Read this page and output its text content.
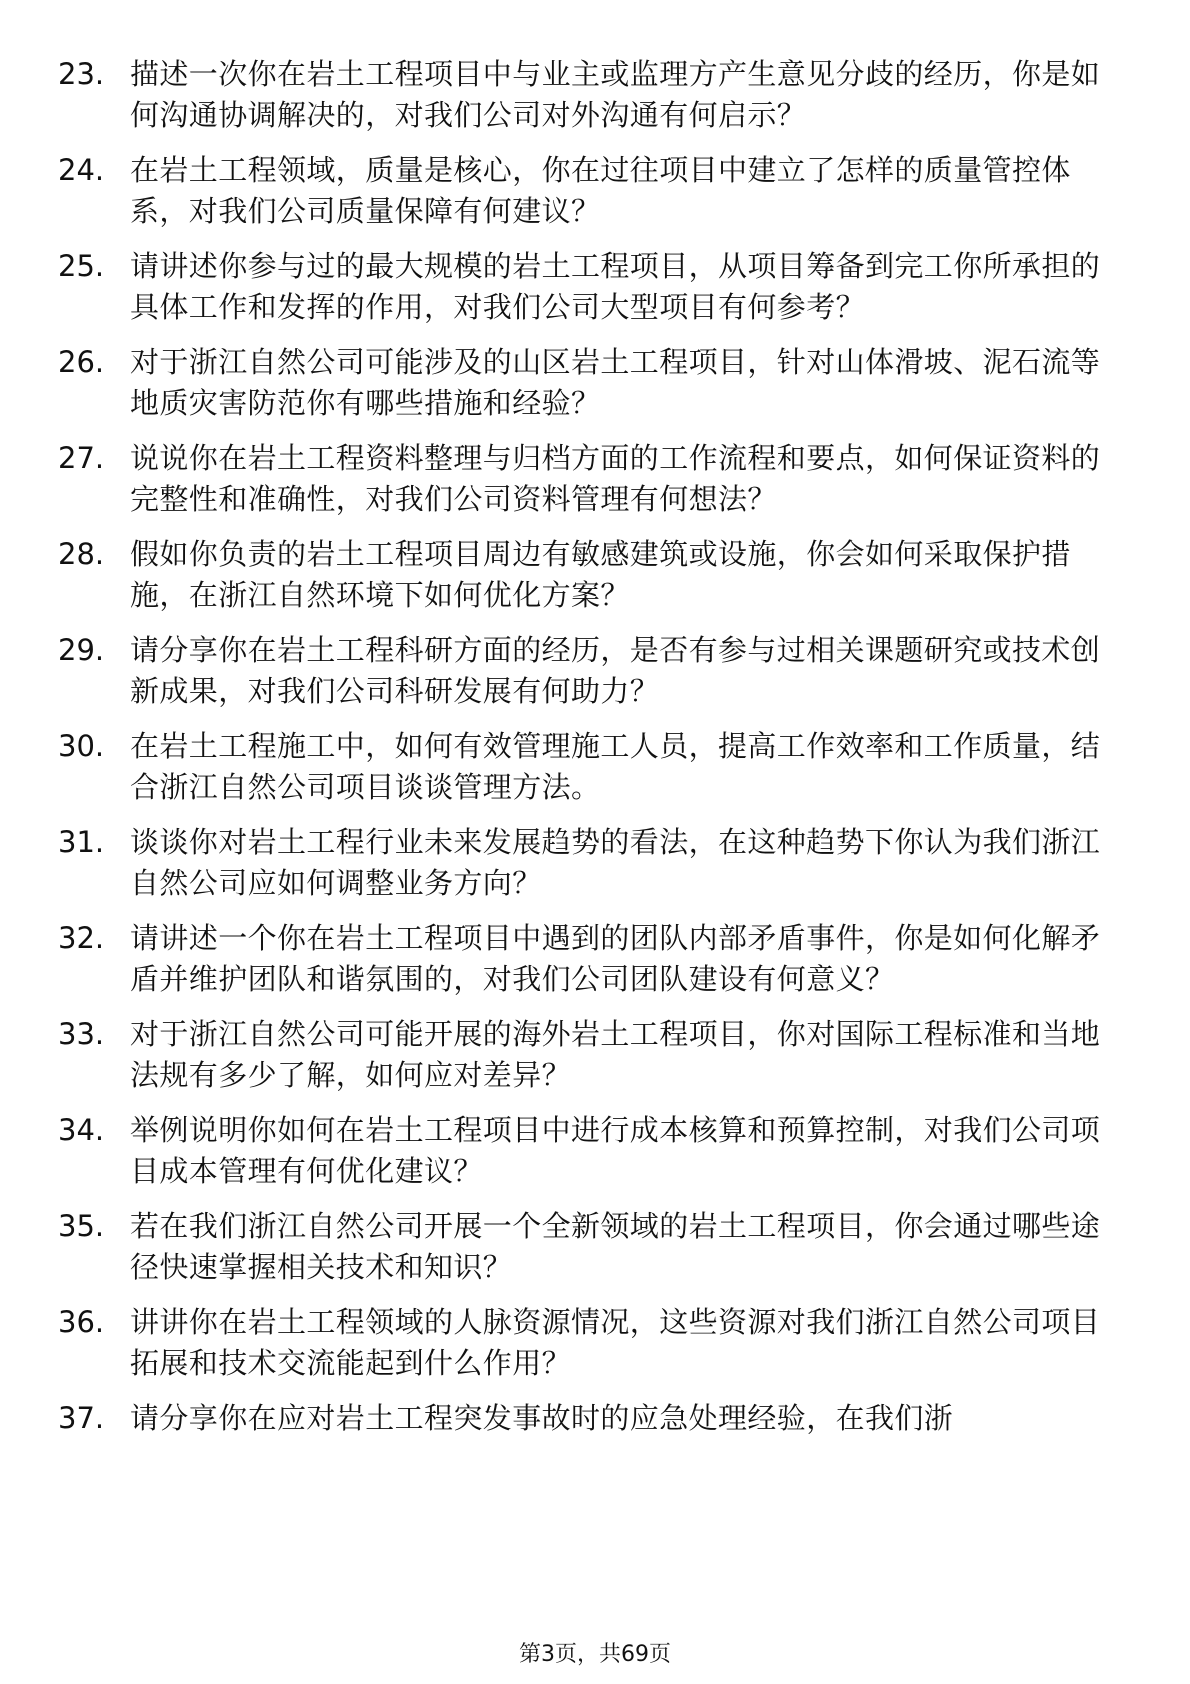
23. 描述一次你在岩土工程项目中与业主或监理方产生意见分歧的经历，你是如何沟通协调解决的，对我们公司对外沟通有何启示？
24. 在岩土工程领域，质量是核心，你在过往项目中建立了怎样的质量管控体系，对我们公司质量保障有何建议？
25. 请讲述你参与过的最大规模的岩土工程项目，从项目筹备到完工你所承担的具体工作和发挥的作用，对我们公司大型项目有何参考？
26. 对于浙江自然公司可能涉及的山区岩土工程项目，针对山体滑坡、泥石流等地质灾害防范你有哪些措施和经验？
27. 说说你在岩土工程资料整理与归档方面的工作流程和要点，如何保证资料的完整性和准确性，对我们公司资料管理有何想法？
28. 假如你负责的岩土工程项目周边有敏感建筑或设施，你会如何采取保护措施，在浙江自然环境下如何优化方案？
29. 请分享你在岩土工程科研方面的经历，是否有参与过相关课题研究或技术创新成果，对我们公司科研发展有何助力？
30. 在岩土工程施工中，如何有效管理施工人员，提高工作效率和工作质量，结合浙江自然公司项目谈谈管理方法。
31. 谈谈你对岩土工程行业未来发展趋势的看法，在这种趋势下你认为我们浙江自然公司应如何调整业务方向？
32. 请讲述一个你在岩土工程项目中遇到的团队内部矛盾事件，你是如何化解矛盾并维护团队和谐氛围的，对我们公司团队建设有何意义？
33. 对于浙江自然公司可能开展的海外岩土工程项目，你对国际工程标准和当地法规有多少了解，如何应对差异？
34. 举例说明你如何在岩土工程项目中进行成本核算和预算控制，对我们公司项目成本管理有何优化建议？
35. 若在我们浙江自然公司开展一个全新领域的岩土工程项目，你会通过哪些途径快速掌握相关技术和知识？
36. 讲讲你在岩土工程领域的人脉资源情况，这些资源对我们浙江自然公司项目拓展和技术交流能起到什么作用？
37. 请分享你在应对岩土工程突发事故时的应急处理经验，在我们浙
第3页，共69页
